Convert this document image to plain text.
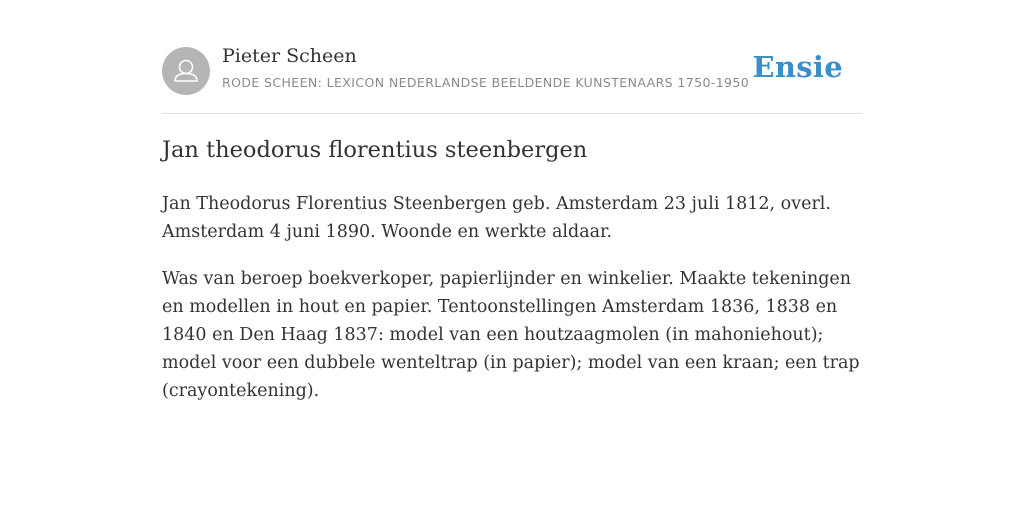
Pieter Scheen
RODE SCHEEN: LEXICON NEDERLANDSE BEELDENDE KUNSTENAARS 1750-1950 Ensie
Jan theodorus florentius steenbergen

Jan Theodorus Florentius Steenbergen geb. Amsterdam 23 juli 1812, overl. Amsterdam 4 juni 1890. Woonde en werkte aldaar.

Was van beroep boekverkoper, papierlijnder en winkelier. Maakte tekeningen en modellen in hout en papier. Tentoonstellingen Amsterdam 1836, 1838 en 1840 en Den Haag 1837: model van een houtzaagmolen (in mahoniehout); model voor een dubbele wenteltrap (in papier); model van een kraan; een trap (crayontekening).
